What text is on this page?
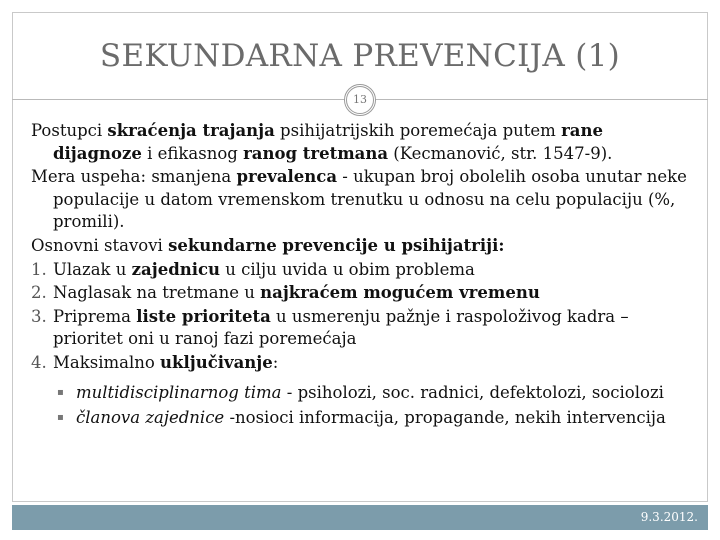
SEKUNDARNA PREVENCIJA (1)
13

Postupci skraćenja trajanja psihijatrijskih poremećaja putem rane dijagnoze i efikasnog ranog tretmana (Kecmanović, str. 1547-9).

Mera uspeha: smanjena prevalenca - ukupan broj obolelih osoba unutar neke populacije u datom vremenskom trenutku u odnosu na celu populaciju (%, promili).

Osnovni stavovi sekundarne prevencije u psihijatriji:

1. Ulazak u zajednicu u cilju uvida u obim problema
2. Naglasak na tretmane u najkraćem mogućem vremenu
3. Priprema liste prioriteta u usmerenju pažnje i raspoloživog kadra – prioritet oni u ranoj fazi poremećaja
4. Maksimalno uključivanje:
▪ multidisciplinarnog tima - psiholozi, soc. radnici, defektolozi, sociolozi
▪ članova zajednice -nosioci informacija, propagande, nekih intervencija
9.3.2012.
